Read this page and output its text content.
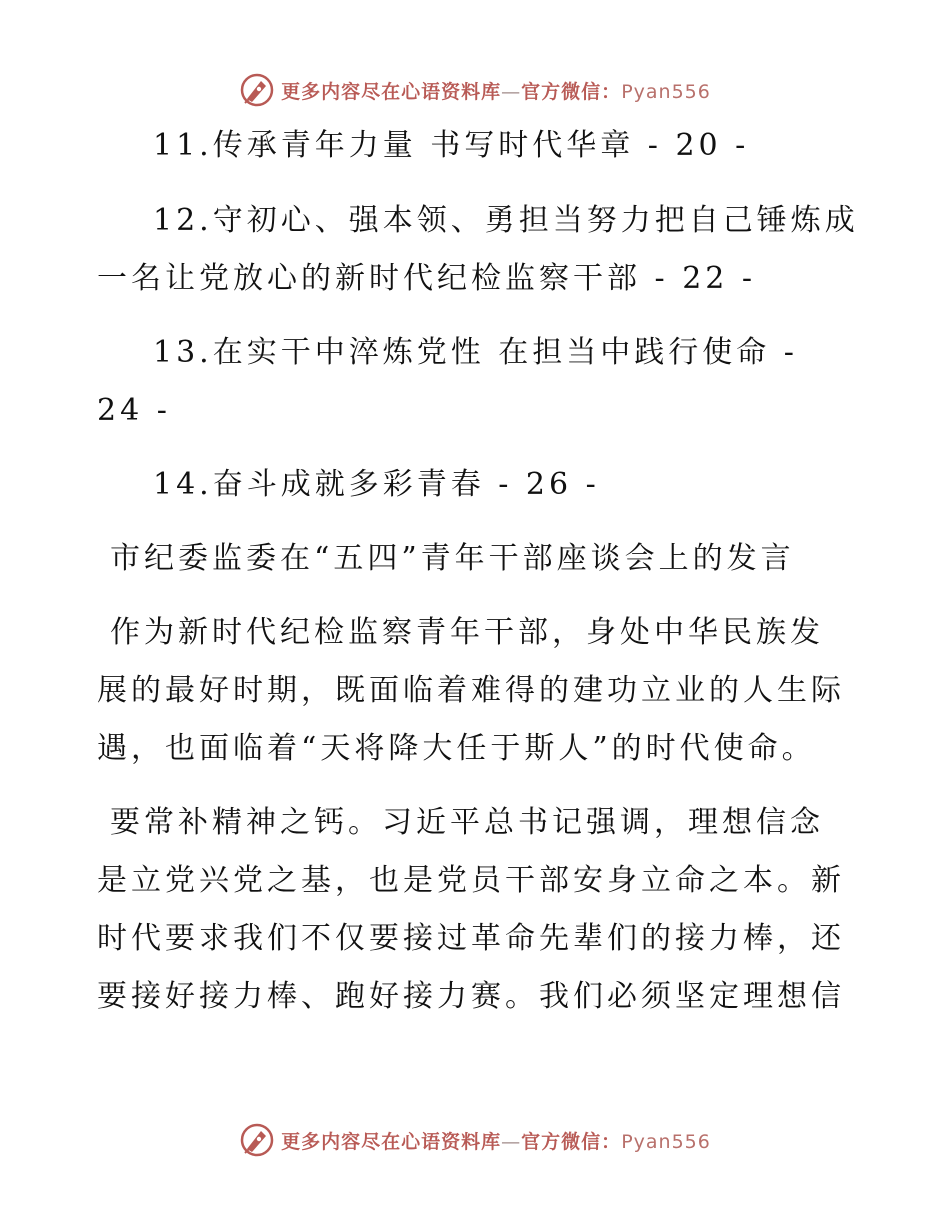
更多内容尽在心语资料库—官方微信：Pyan556
11.传承青年力量 书写时代华章 - 20 -
12.守初心、强本领、勇担当努力把自己锤炼成
一名让党放心的新时代纪检监察干部 - 22 -
13.在实干中淬炼党性 在担当中践行使命 -
24 -
14.奋斗成就多彩青春 - 26 -
市纪委监委在“五四”青年干部座谈会上的发言
作为新时代纪检监察青年干部，身处中华民族发
展的最好时期，既面临着难得的建功立业的人生际
遇，也面临着“天将降大任于斯人”的时代使命。
要常补精神之钙。习近平总书记强调，理想信念
是立党兴党之基，也是党员干部安身立命之本。新
时代要求我们不仅要接过革命先辈们的接力棒，还
要接好接力棒、跑好接力赛。我们必须坚定理想信
更多内容尽在心语资料库—官方微信：Pyan556
